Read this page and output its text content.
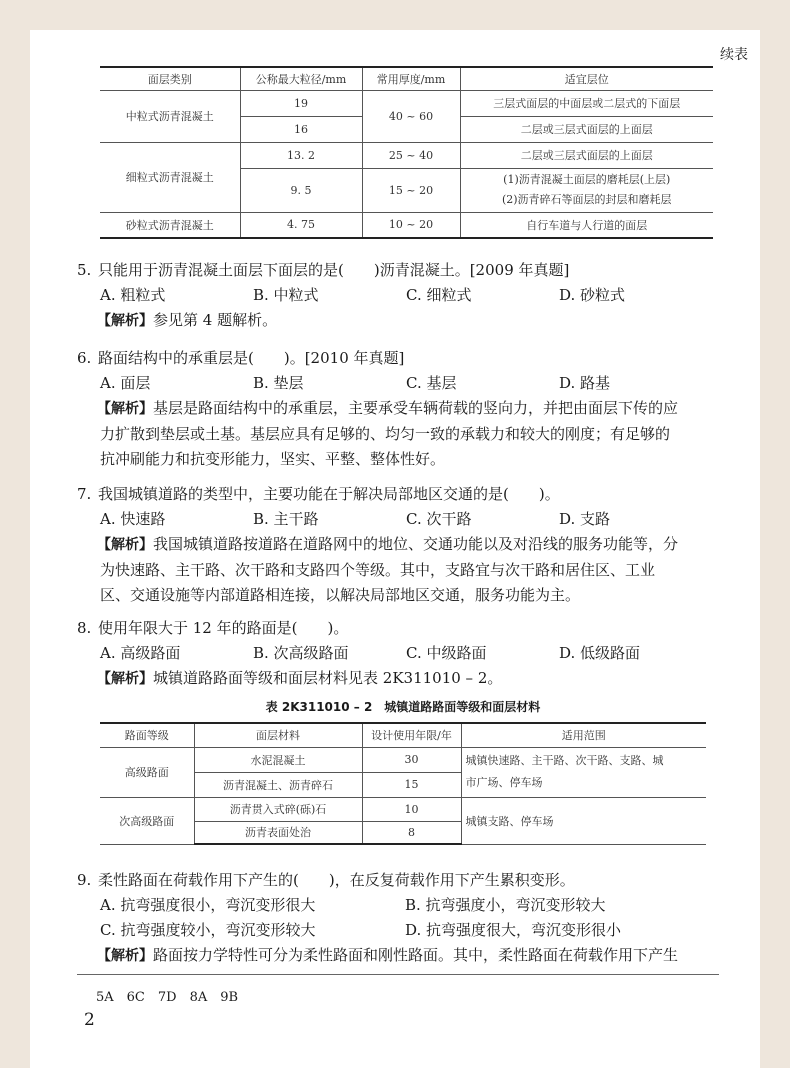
续表
面层类别	公称最大粒径/mm	常用厚度/mm	适宜层位
中粒式沥青混凝土	19	40 ~ 60	三层式面层的中面层或二层式的下面层
	16		二层或三层式面层的上面层
细粒式沥青混凝土	13. 2	25 ~ 40	二层或三层式面层的上面层
	9. 5	15 ~ 20	(1)沥青混凝土面层的磨耗层(上层)
(2)沥青碎石等面层的封层和磨耗层

砂粒式沥青混凝土	4. 75	10 ~ 20	自行车道与人行道的面层
5. 只能用于沥青混凝土面层下面层的是(　　)沥青混凝土。[2009 年真题]
A. 粗粒式	B. 中粒式	C. 细粒式	D. 砂粒式
【解析】参见第 4 题解析。
6. 路面结构中的承重层是(　　)。[2010 年真题]
A. 面层	B. 垫层	C. 基层	D. 路基
【解析】基层是路面结构中的承重层，主要承受车辆荷载的竖向力，并把由面层下传的应
力扩散到垫层或土基。基层应具有足够的、均匀一致的承载力和较大的刚度；有足够的
抗冲刷能力和抗变形能力，坚实、平整、整体性好。
7. 我国城镇道路的类型中，主要功能在于解决局部地区交通的是(　　)。
A. 快速路	B. 主干路	C. 次干路	D. 支路
【解析】我国城镇道路按道路在道路网中的地位、交通功能以及对沿线的服务功能等，分
为快速路、主干路、次干路和支路四个等级。其中，支路宜与次干路和居住区、工业
区、交通设施等内部道路相连接，以解决局部地区交通，服务功能为主。
8. 使用年限大于 12 年的路面是(　　)。
A. 高级路面	B. 次高级路面	C. 中级路面	D. 低级路面
【解析】城镇道路路面等级和面层材料见表 2K311010 – 2。
表 2K311010 – 2　城镇道路路面等级和面层材料
路面等级	面层材料	设计使用年限/年	适用范围
高级路面	水泥混凝土	30	城镇快速路、主干路、次干路、支路、城
市广场、停车场

	沥青混凝土、沥青碎石	15	
次高级路面	沥青贯入式碎(砾)石	10	城镇支路、停车场
	沥青表面处治	8	
9. 柔性路面在荷载作用下产生的(　　)，在反复荷载作用下产生累积变形。
A. 抗弯强度很小，弯沉变形很大	B. 抗弯强度小，弯沉变形较大
C. 抗弯强度较小，弯沉变形较大	D. 抗弯强度很大，弯沉变形很小
【解析】路面按力学特性可分为柔性路面和刚性路面。其中，柔性路面在荷载作用下产生
5A　6C　7D　8A　9B
2
